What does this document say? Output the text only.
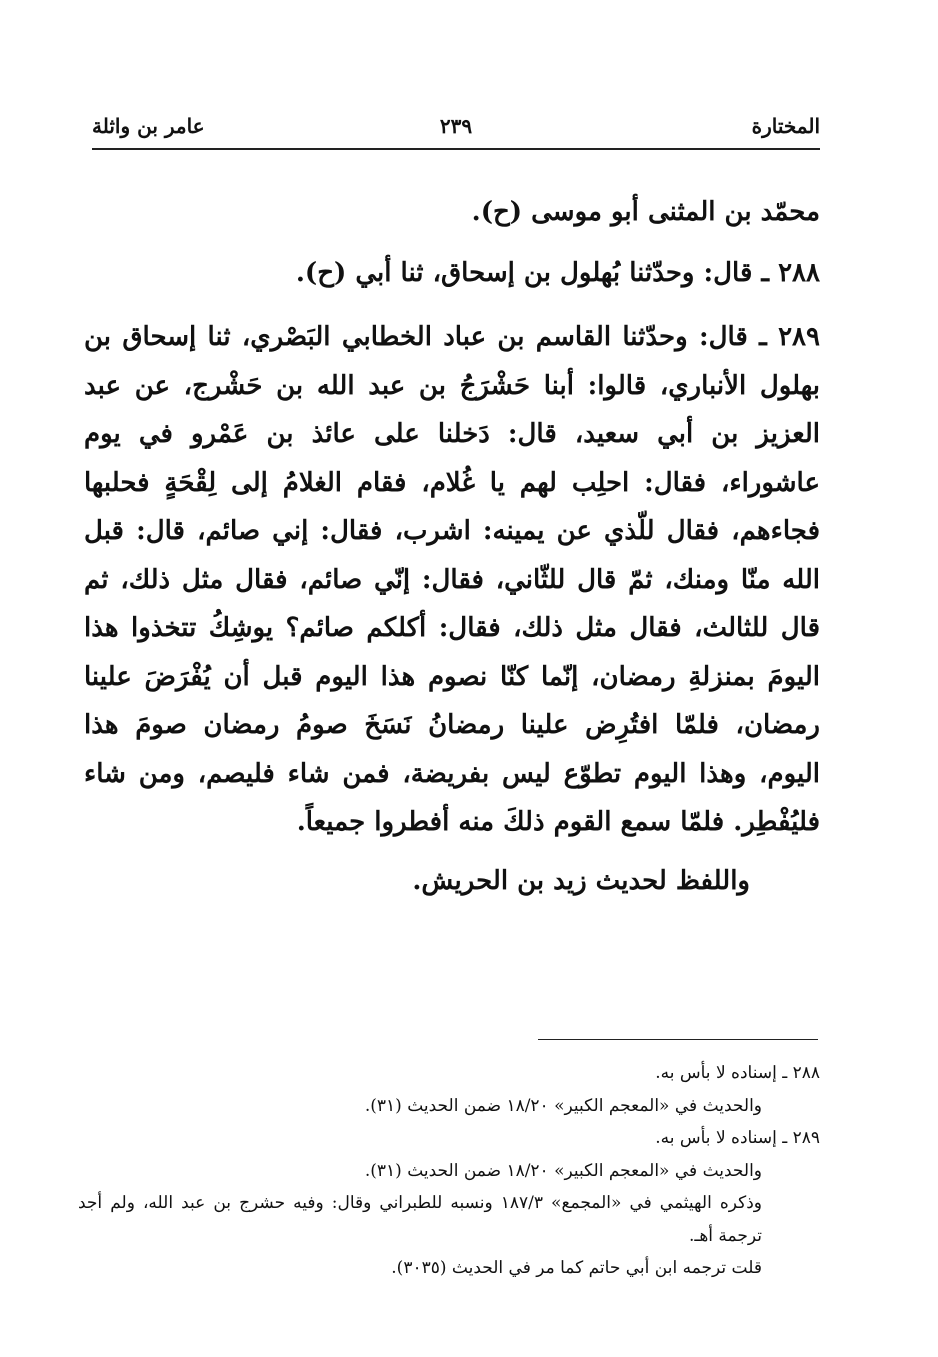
المختارة
٢٣٩
عامر بن واثلة

محمّد بن المثنى أبو موسى (ح).

٢٨٨ ـ قال: وحدّثنا بُهلول بن إسحاق، ثنا أبي (ح).

٢٨٩ ـ قال: وحدّثنا القاسم بن عباد الخطابي البَصْري، ثنا إسحاق بن بهلول الأنباري، قالوا: أبنا حَشْرَجُ بن عبد الله بن حَشْرج، عن عبد العزيز بن أبي سعيد، قال: دَخلنا على عائذ بن عَمْرو في يوم عاشوراء، فقال: احلِب لهم يا غُلام، فقام الغلامُ إلى لِقْحَةٍ فحلبها فجاءهم، فقال للّذي عن يمينه: اشرب، فقال: إني صائم، قال: قبل الله منّا ومنك، ثمّ قال للثّاني، فقال: إنّي صائم، فقال مثل ذلك، ثم قال للثالث، فقال مثل ذلك، فقال: أكلكم صائم؟ يوشِكُ تتخذوا هذا اليومَ بمنزلةِ رمضان، إنّما كنّا نصوم هذا اليوم قبل أن يُفْرَضَ علينا رمضان، فلمّا افتُرِض علينا رمضانُ نَسَخَ صومُ رمضان صومَ هذا اليوم، وهذا اليوم تطوّع ليس بفريضة، فمن شاء فليصم، ومن شاء فليُفْطِر. فلمّا سمع القوم ذلكَ منه أفطروا جميعاً.

واللفظ لحديث زيد بن الحريش.

٢٨٨ ـ إسناده لا بأس به.

والحديث في «المعجم الكبير» ١٨/٢٠ ضمن الحديث (٣١).

٢٨٩ ـ إسناده لا بأس به.

والحديث في «المعجم الكبير» ١٨/٢٠ ضمن الحديث (٣١).

وذكره الهيثمي في «المجمع» ١٨٧/٣ ونسبه للطبراني وقال: وفيه حشرج بن عبد الله، ولم أجد ترجمة أهـ.

قلت ترجمه ابن أبي حاتم كما مر في الحديث (٣٠٣٥).
